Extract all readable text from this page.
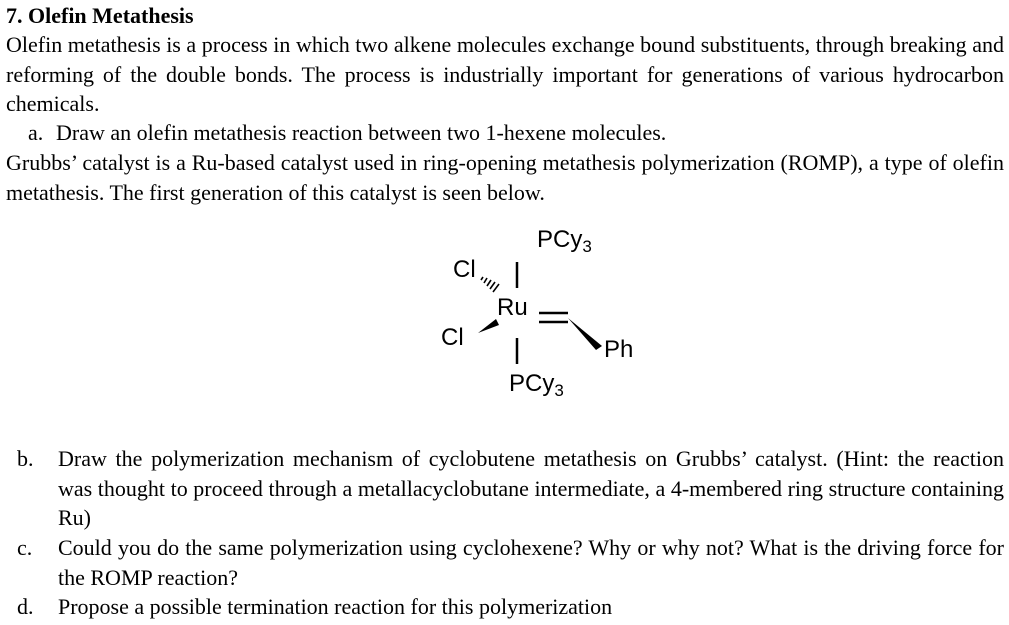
7. Olefin Metathesis
Olefin metathesis is a process in which two alkene molecules exchange bound substituents, through breaking and reforming of the double bonds. The process is industrially important for generations of various hydrocarbon chemicals.
a. Draw an olefin metathesis reaction between two 1-hexene molecules.
Grubbs’ catalyst is a Ru-based catalyst used in ring-opening metathesis polymerization (ROMP), a type of olefin metathesis. The first generation of this catalyst is seen below.
PCy$_3$
Cl
Ru
Cl	Ph
PCy$_3$
b. Draw the polymerization mechanism of cyclobutene metathesis on Grubbs’ catalyst. (Hint: the reaction was thought to proceed through a metallacyclobutane intermediate, a 4-membered ring structure containing Ru)
c. Could you do the same polymerization using cyclohexene? Why or why not? What is the driving force for the ROMP reaction?
d. Propose a possible termination reaction for this polymerization
